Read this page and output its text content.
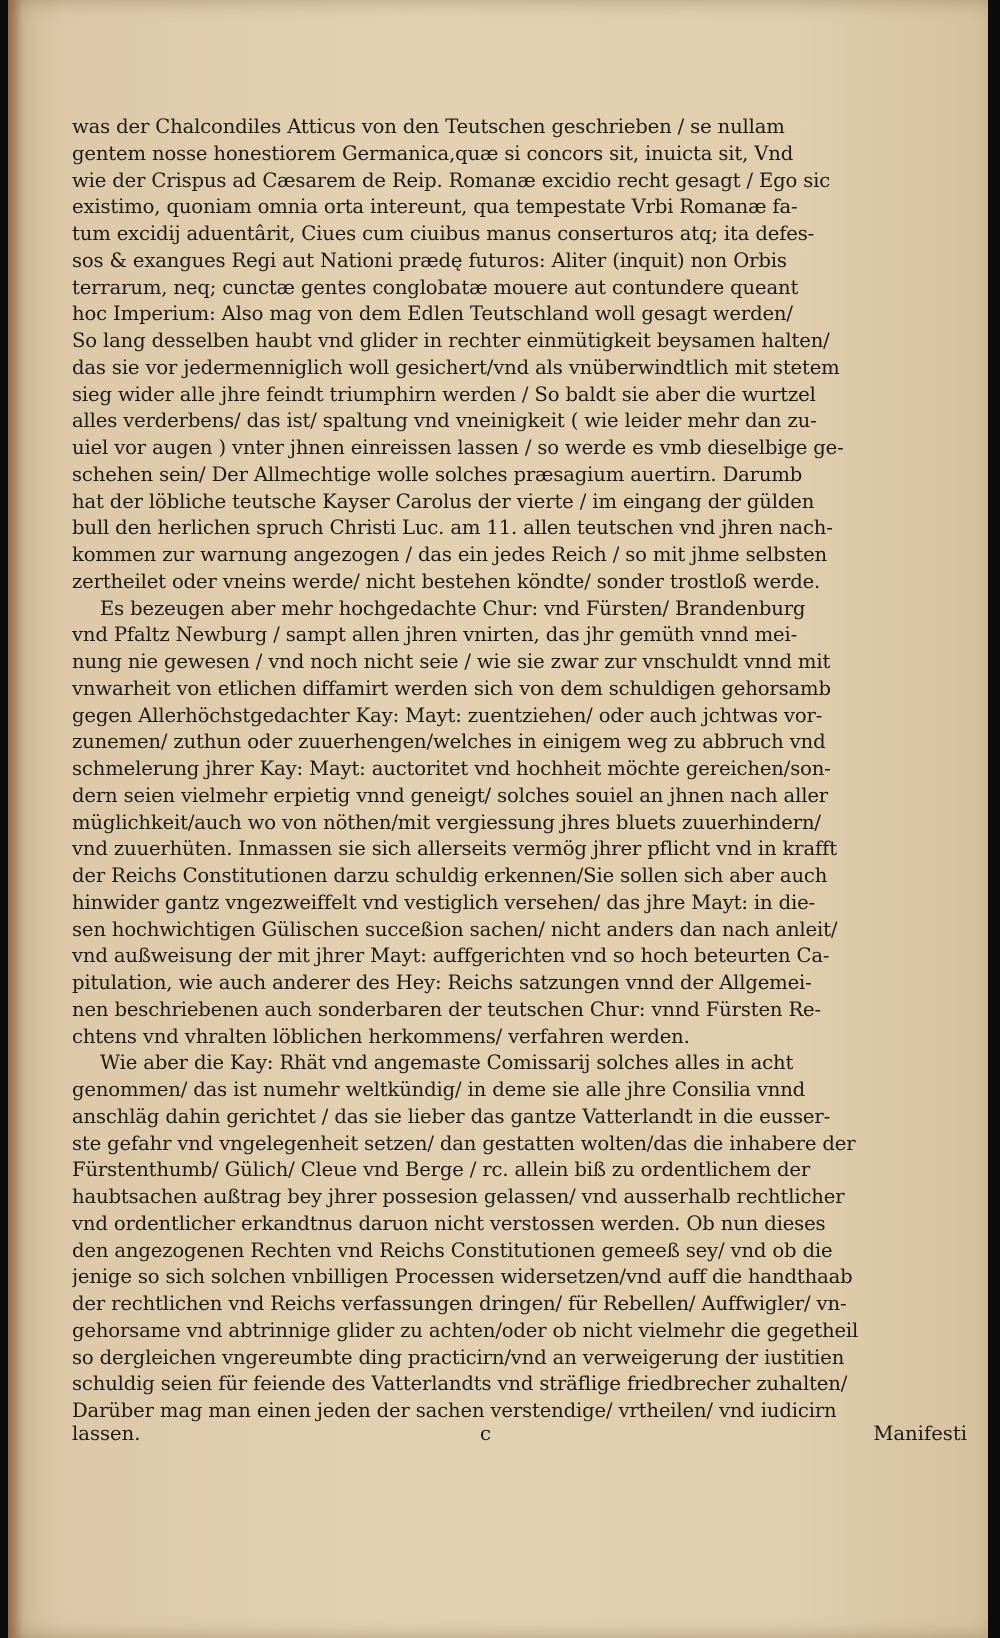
was der Chalcondiles Atticus von den Teutschen geschrieben / se nullam
gentem nosse honestiorem Germanica,quæ si concors sit, inuicta sit, Vnd
wie der Crispus ad Cæsarem de Reip. Romanæ excidio recht gesagt / Ego sic
existimo, quoniam omnia orta intereunt, qua tempestate Vrbi Romanæ fa-
tum excidij aduentârit, Ciues cum ciuibus manus conserturos atq; ita defes-
sos & exangues Regi aut Nationi prædę futuros: Aliter (inquit) non Orbis
terrarum, neq; cunctæ gentes conglobatæ mouere aut contundere queant
hoc Imperium: Also mag von dem Edlen Teutschland woll gesagt werden/
So lang desselben haubt vnd glider in rechter einmütigkeit beysamen halten/
das sie vor jedermenniglich woll gesichert/vnd als vnüberwindtlich mit stetem
sieg wider alle jhre feindt triumphirn werden / So baldt sie aber die wurtzel
alles verderbens/ das ist/ spaltung vnd vneinigkeit ( wie leider mehr dan zu-
uiel vor augen ) vnter jhnen einreissen lassen / so werde es vmb dieselbige ge-
schehen sein/ Der Allmechtige wolle solches præsagium auertirn. Darumb
hat der löbliche teutsche Kayser Carolus der vierte / im eingang der gülden
bull den herlichen spruch Christi Luc. am 11. allen teutschen vnd jhren nach-
kommen zur warnung angezogen / das ein jedes Reich / so mit jhme selbsten
zertheilet oder vneins werde/ nicht bestehen köndte/ sonder trostloß werde.
Es bezeugen aber mehr hochgedachte Chur: vnd Fürsten/ Brandenburg
vnd Pfaltz Newburg / sampt allen jhren vnirten, das jhr gemüth vnnd mei-
nung nie gewesen / vnd noch nicht seie / wie sie zwar zur vnschuldt vnnd mit
vnwarheit von etlichen diffamirt werden sich von dem schuldigen gehorsamb
gegen Allerhöchstgedachter Kay: Mayt: zuentziehen/ oder auch jchtwas vor-
zunemen/ zuthun oder zuuerhengen/welches in einigem weg zu abbruch vnd
schmelerung jhrer Kay: Mayt: auctoritet vnd hochheit möchte gereichen/son-
dern seien vielmehr erpietig vnnd geneigt/ solches souiel an jhnen nach aller
müglichkeit/auch wo von nöthen/mit vergiessung jhres bluets zuuerhindern/
vnd zuuerhüten. Inmassen sie sich allerseits vermög jhrer pflicht vnd in krafft
der Reichs Constitutionen darzu schuldig erkennen/Sie sollen sich aber auch
hinwider gantz vngezweiffelt vnd vestiglich versehen/ das jhre Mayt: in die-
sen hochwichtigen Gülischen succeßion sachen/ nicht anders dan nach anleit/
vnd außweisung der mit jhrer Mayt: auffgerichten vnd so hoch beteurten Ca-
pitulation, wie auch anderer des Hey: Reichs satzungen vnnd der Allgemei-
nen beschriebenen auch sonderbaren der teutschen Chur: vnnd Fürsten Re-
chtens vnd vhralten löblichen herkommens/ verfahren werden.
Wie aber die Kay: Rhät vnd angemaste Comissarij solches alles in acht
genommen/ das ist numehr weltkündig/ in deme sie alle jhre Consilia vnnd
anschläg dahin gerichtet / das sie lieber das gantze Vatterlandt in die eusser-
ste gefahr vnd vngelegenheit setzen/ dan gestatten wolten/das die inhabere der
Fürstenthumb/ Gülich/ Cleue vnd Berge / rc. allein biß zu ordentlichem der
haubtsachen außtrag bey jhrer possesion gelassen/ vnd ausserhalb rechtlicher
vnd ordentlicher erkandtnus daruon nicht verstossen werden. Ob nun dieses
den angezogenen Rechten vnd Reichs Constitutionen gemeeß sey/ vnd ob die
jenige so sich solchen vnbilligen Processen widersetzen/vnd auff die handthaab
der rechtlichen vnd Reichs verfassungen dringen/ für Rebellen/ Auffwigler/ vn-
gehorsame vnd abtrinnige glider zu achten/oder ob nicht vielmehr die gegetheil
so dergleichen vngereumbte ding practicirn/vnd an verweigerung der iustitien
schuldig seien für feiende des Vatterlandts vnd sträflige friedbrecher zuhalten/
Darüber mag man einen jeden der sachen verstendige/ vrtheilen/ vnd iudicirn
lassen.	c	Manifesti
